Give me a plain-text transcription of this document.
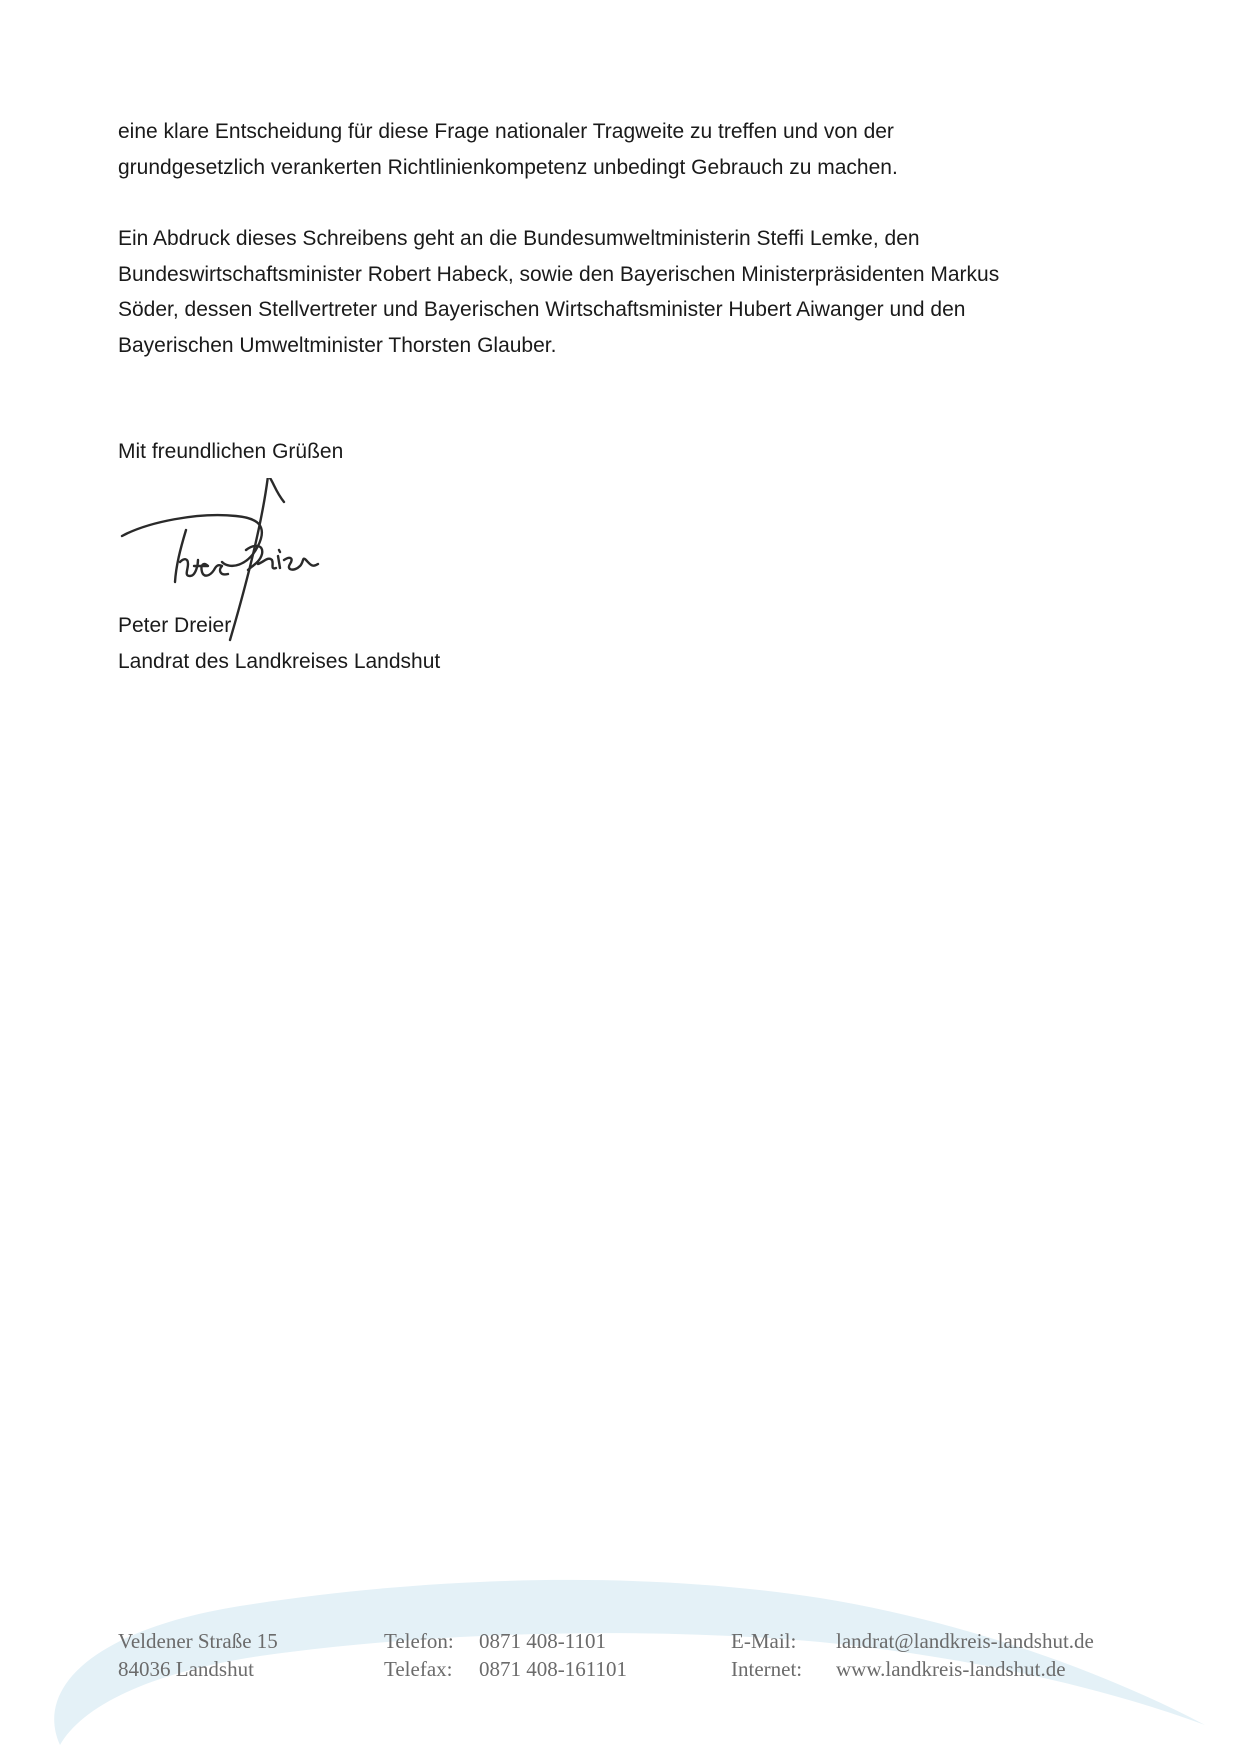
eine klare Entscheidung für diese Frage nationaler Tragweite zu treffen und von der
grundgesetzlich verankerten Richtlinienkompetenz unbedingt Gebrauch zu machen.

Ein Abdruck dieses Schreibens geht an die Bundesumweltministerin Steffi Lemke, den
Bundeswirtschaftsminister Robert Habeck, sowie den Bayerischen Ministerpräsidenten Markus
Söder, dessen Stellvertreter und Bayerischen Wirtschaftsminister Hubert Aiwanger und den
Bayerischen Umweltminister Thorsten Glauber.

Mit freundlichen Grüßen

Peter Dreier
Landrat des Landkreises Landshut
Veldener Straße 15
84036 Landshut
Telefon:	0871 408-1101
Telefax:	0871 408-161101
E-Mail:	landrat@landkreis-landshut.de
Internet:	www.landkreis-landshut.de
